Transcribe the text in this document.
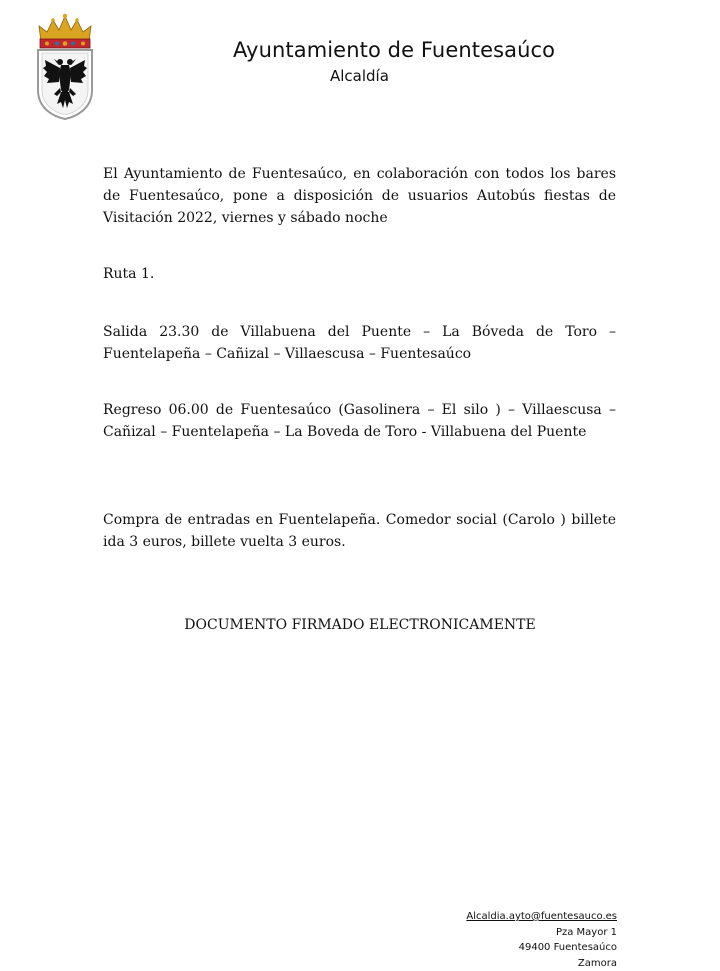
Ayuntamiento de Fuentesaúco
Alcaldía

El Ayuntamiento de Fuentesaúco, en colaboración con todos los bares de Fuentesaúco, pone a disposición de usuarios Autobús fiestas de Visitación 2022, viernes y sábado noche

Ruta 1.

Salida 23.30 de Villabuena del Puente – La Bóveda de Toro – Fuentelapeña – Cañizal – Villaescusa – Fuentesaúco

Regreso 06.00 de Fuentesaúco (Gasolinera – El silo ) – Villaescusa – Cañizal – Fuentelapeña – La Boveda de Toro - Villabuena del Puente

Compra de entradas en Fuentelapeña. Comedor social (Carolo ) billete ida 3 euros, billete vuelta 3 euros.

DOCUMENTO FIRMADO ELECTRONICAMENTE

Alcaldia.ayto@fuentesauco.es
Pza Mayor 1
49400 Fuentesaúco
Zamora
